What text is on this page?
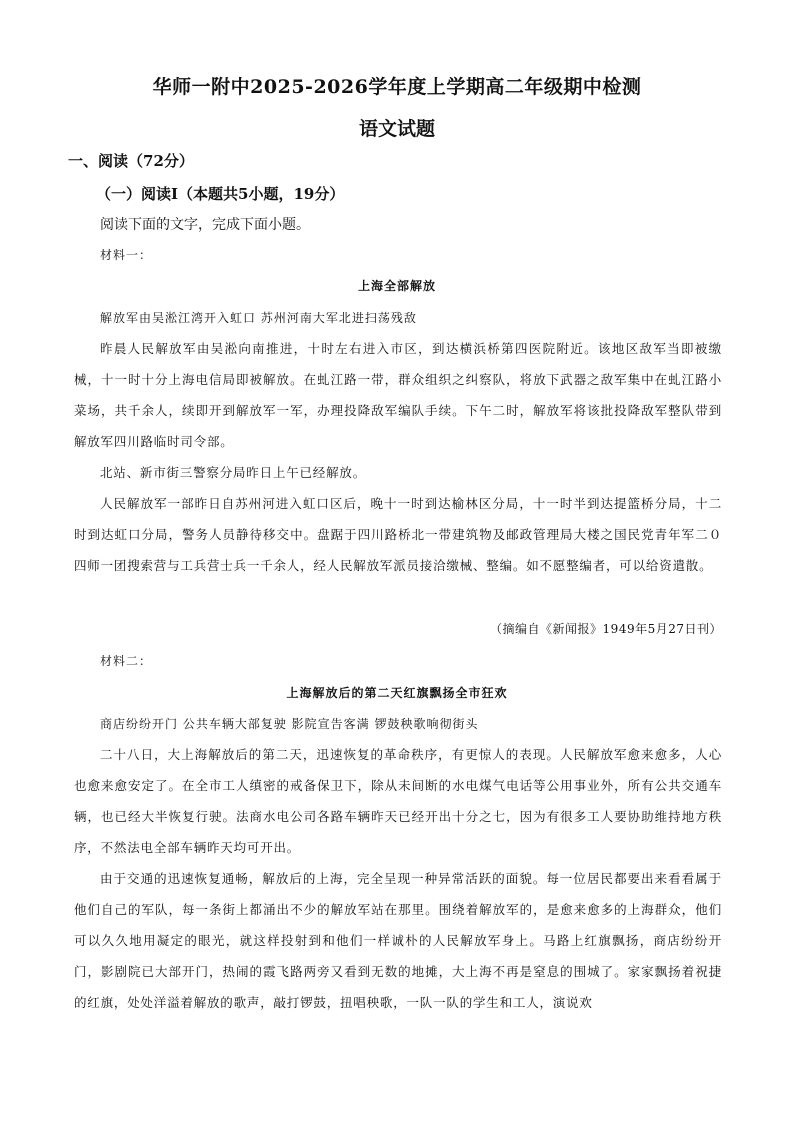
华师一附中2025-2026学年度上学期高二年级期中检测
语文试题
一、阅读（72分）
（一）阅读Ⅰ（本题共5小题，19分）
阅读下面的文字，完成下面小题。
材料一：
上海全部解放
解放军由吴淞江湾开入虹口 苏州河南大军北进扫荡残敌

昨晨人民解放军由吴淞向南推进，十时左右进入市区，到达横浜桥第四医院附近。该地区敌军当即被缴械，十一时十分上海电信局即被解放。在虬江路一带，群众组织之纠察队，将放下武器之敌军集中在虬江路小菜场，共千余人，续即开到解放军一军，办理投降敌军编队手续。下午二时，解放军将该批投降敌军整队带到解放军四川路临时司令部。

北站、新市街三警察分局昨日上午已经解放。

人民解放军一部昨日自苏州河进入虹口区后，晚十一时到达榆林区分局，十一时半到达提篮桥分局，十二时到达虹口分局，警务人员静待移交中。盘踞于四川路桥北一带建筑物及邮政管理局大楼之国民党青年军二０四师一团搜索营与工兵营士兵一千余人，经人民解放军派员接洽缴械、整编。如不愿整编者，可以给资遣散。

（摘编自《新闻报》1949年5月27日刊）
材料二：
上海解放后的第二天红旗飘扬全市狂欢
商店纷纷开门 公共车辆大部复驶 影院宣告客满 锣鼓秧歌响彻街头

二十八日，大上海解放后的第二天，迅速恢复的革命秩序，有更惊人的表现。人民解放军愈来愈多，人心也愈来愈安定了。在全市工人缜密的戒备保卫下，除从未间断的水电煤气电话等公用事业外，所有公共交通车辆，也已经大半恢复行驶。法商水电公司各路车辆昨天已经开出十分之七，因为有很多工人要协助维持地方秩序，不然法电全部车辆昨天均可开出。

由于交通的迅速恢复通畅，解放后的上海，完全呈现一种异常活跃的面貌。每一位居民都要出来看看属于他们自己的军队，每一条街上都涌出不少的解放军站在那里。围绕着解放军的，是愈来愈多的上海群众，他们可以久久地用凝定的眼光，就这样投射到和他们一样诚朴的人民解放军身上。马路上红旗飘扬，商店纷纷开门，影剧院已大部开门，热闹的霞飞路两旁又看到无数的地摊，大上海不再是窒息的围城了。家家飘扬着祝捷的红旗，处处洋溢着解放的歌声，敲打锣鼓，扭唱秧歌，一队一队的学生和工人，演说欢
